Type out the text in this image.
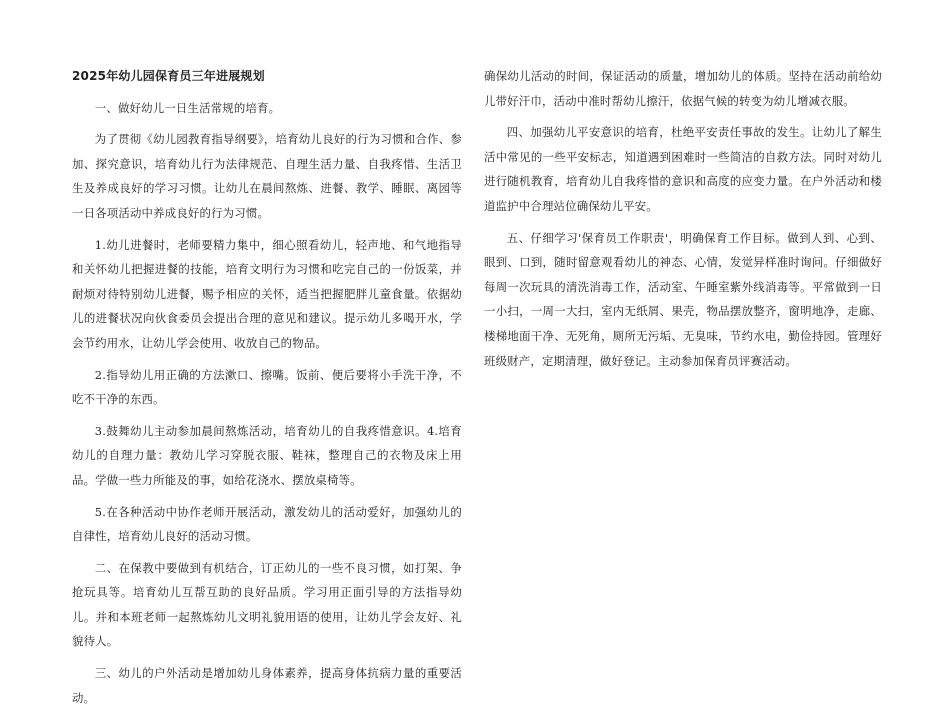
2025年幼儿园保育员三年进展规划

一、做好幼儿一日生活常规的培育。

为了贯彻《幼儿园教育指导纲要》，培育幼儿良好的行为习惯和合作、参加、探究意识，培育幼儿行为法律规范、自理生活力量、自我疼惜、生活卫生及养成良好的学习习惯。让幼儿在晨间熬炼、进餐、教学、睡眠、离园等一日各项活动中养成良好的行为习惯。

1.幼儿进餐时，老师要精力集中，细心照看幼儿，轻声地、和气地指导和关怀幼儿把握进餐的技能，培育文明行为习惯和吃完自己的一份饭菜，并耐烦对待特别幼儿进餐，赐予相应的关怀，适当把握肥胖儿童食量。依据幼儿的进餐状况向伙食委员会提出合理的意见和建议。提示幼儿多喝开水，学会节约用水，让幼儿学会使用、收放自己的物品。

2.指导幼儿用正确的方法漱口、擦嘴。饭前、便后要将小手洗干净，不吃不干净的东西。

3.鼓舞幼儿主动参加晨间熬炼活动，培育幼儿的自我疼惜意识。4.培育幼儿的自理力量：教幼儿学习穿脱衣服、鞋袜，整理自己的衣物及床上用品。学做一些力所能及的事，如给花浇水、摆放桌椅等。

5.在各种活动中协作老师开展活动，激发幼儿的活动爱好，加强幼儿的自律性，培育幼儿良好的活动习惯。

二、在保教中要做到有机结合，订正幼儿的一些不良习惯，如打架、争抢玩具等。培育幼儿互帮互助的良好品质。学习用正面引导的方法指导幼儿。并和本班老师一起熬炼幼儿文明礼貌用语的使用，让幼儿学会友好、礼貌待人。

三、幼儿的户外活动是增加幼儿身体素养，提高身体抗病力量的重要活动。

确保幼儿活动的时间，保证活动的质量，增加幼儿的体质。坚持在活动前给幼儿带好汗巾，活动中准时帮幼儿擦汗，依据气候的转变为幼儿增减衣服。

四、加强幼儿平安意识的培育，杜绝平安责任事故的发生。让幼儿了解生活中常见的一些平安标志，知道遇到困难时一些简洁的自救方法。同时对幼儿进行随机教育，培育幼儿自我疼惜的意识和高度的应变力量。在户外活动和楼道监护中合理站位确保幼儿平安。

五、仔细学习'保育员工作职责'，明确保育工作目标。做到人到、心到、眼到、口到，随时留意观看幼儿的神态、心情，发觉异样准时询问。仔细做好每周一次玩具的清洗消毒工作，活动室、午睡室紫外线消毒等。平常做到一日一小扫，一周一大扫，室内无纸屑、果壳，物品摆放整齐，窗明地净，走廊、楼梯地面干净、无死角，厕所无污垢、无臭味，节约水电，勤俭持园。管理好班级财产，定期清理，做好登记。主动参加保育员评赛活动。
